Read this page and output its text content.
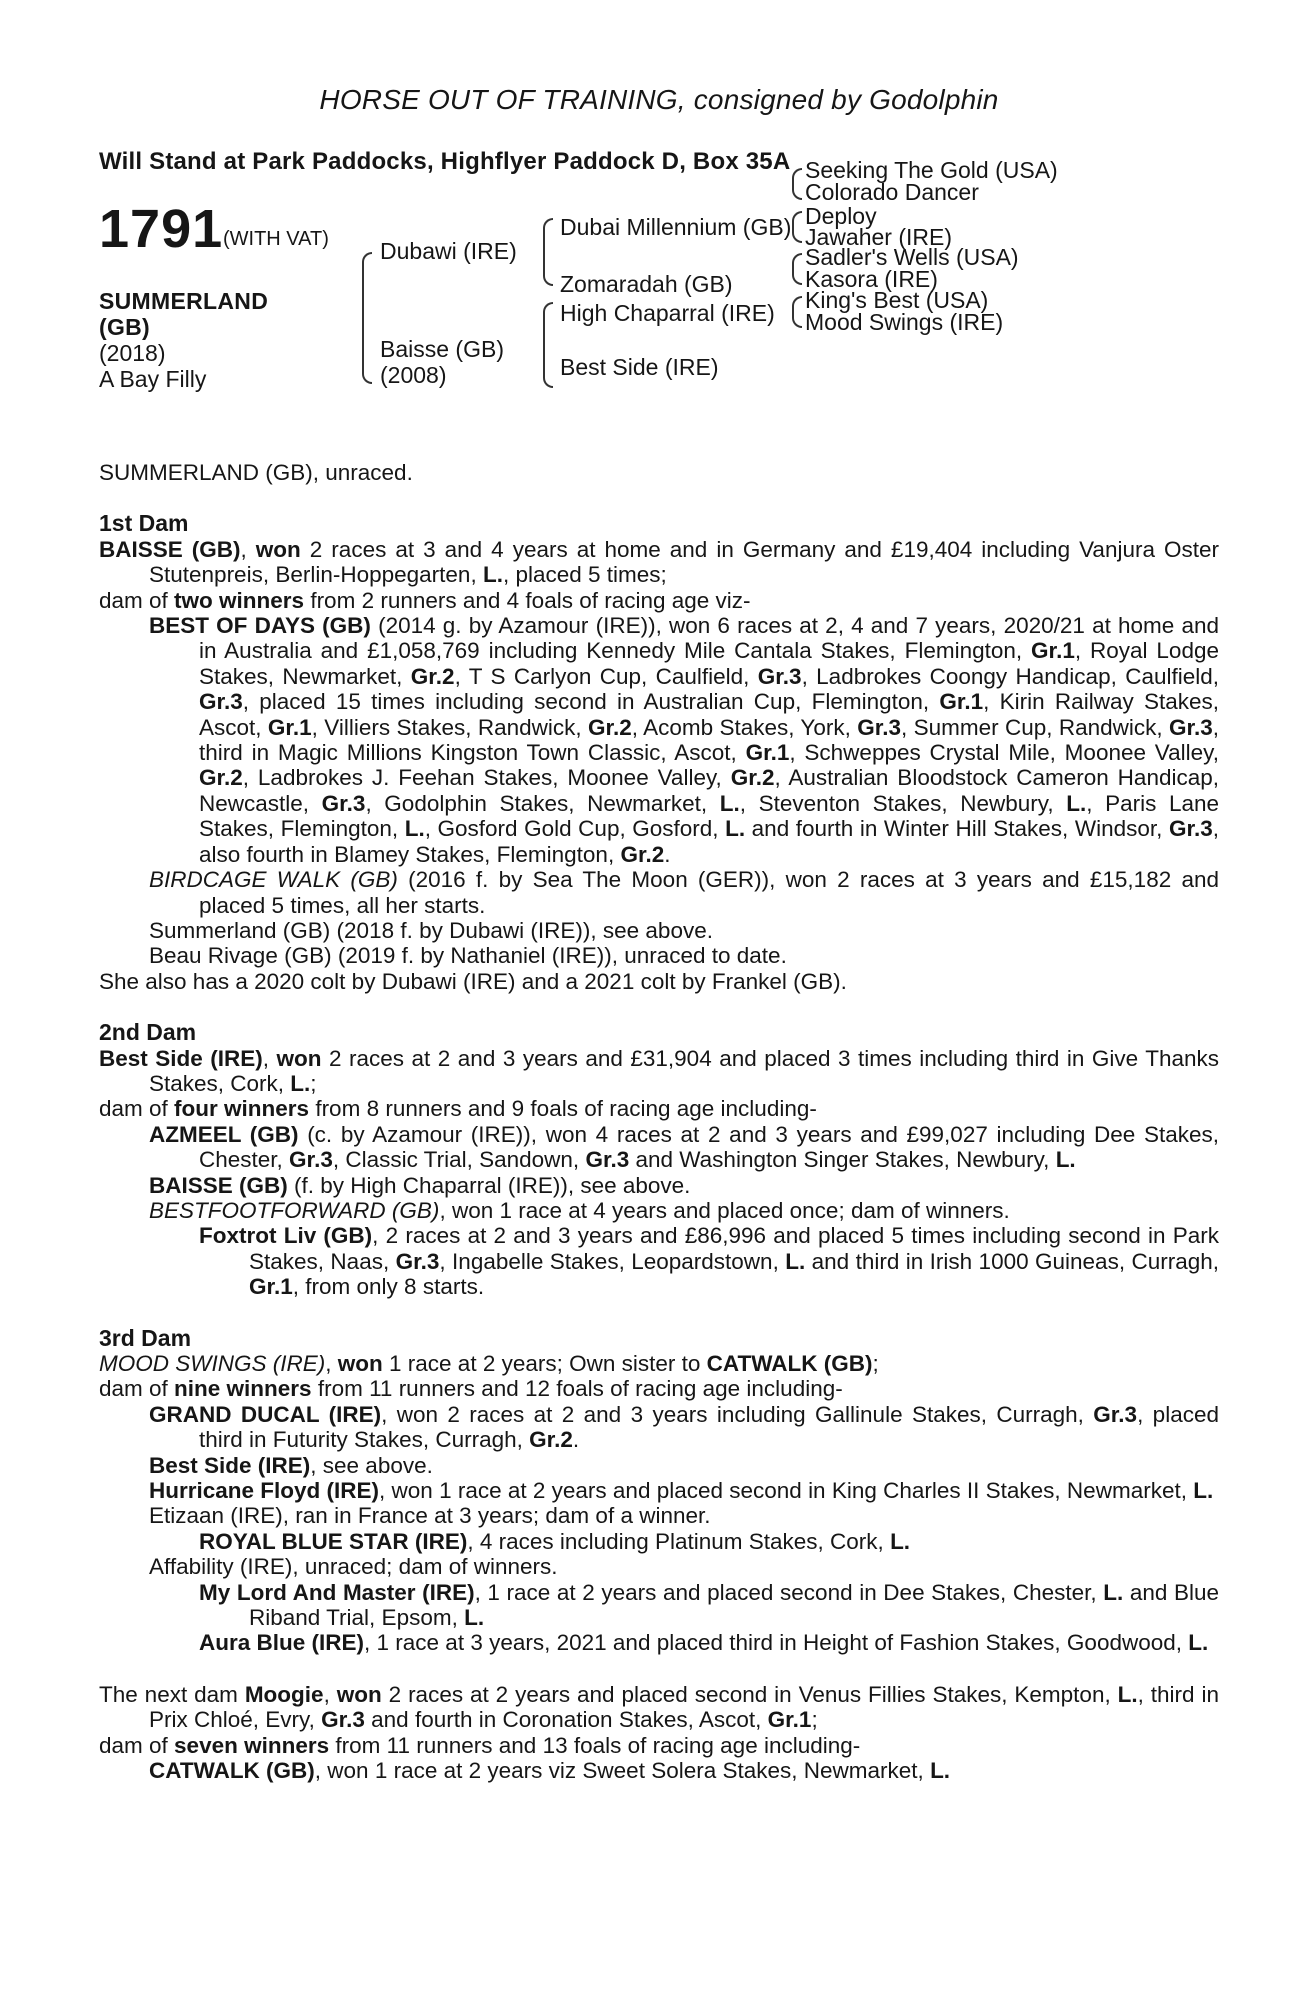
HORSE OUT OF TRAINING, consigned by Godolphin
Will Stand at Park Paddocks, Highflyer Paddock D, Box 35A
1791 (WITH VAT)
SUMMERLAND (GB)
(2018)
A Bay Filly
Dubawi (IRE)
Baisse (GB)
(2008)
Dubai Millennium (GB)
Zomaradah (GB)
High Chaparral (IRE)
Best Side (IRE)
Seeking The Gold (USA)
Colorado Dancer
Deploy
Jawaher (IRE)
Sadler's Wells (USA)
Kasora (IRE)
King's Best (USA)
Mood Swings (IRE)

SUMMERLAND (GB), unraced.

1st Dam

BAISSE (GB), won 2 races at 3 and 4 years at home and in Germany and £19,404 including Vanjura Oster Stutenpreis, Berlin-Hoppegarten, L., placed 5 times;

dam of two winners from 2 runners and 4 foals of racing age viz-

BEST OF DAYS (GB) (2014 g. by Azamour (IRE)), won 6 races at 2, 4 and 7 years, 2020/21 at home and in Australia and £1,058,769 including Kennedy Mile Cantala Stakes, Flemington, Gr.1, Royal Lodge Stakes, Newmarket, Gr.2, T S Carlyon Cup, Caulfield, Gr.3, Ladbrokes Coongy Handicap, Caulfield, Gr.3, placed 15 times including second in Australian Cup, Flemington, Gr.1, Kirin Railway Stakes, Ascot, Gr.1, Villiers Stakes, Randwick, Gr.2, Acomb Stakes, York, Gr.3, Summer Cup, Randwick, Gr.3, third in Magic Millions Kingston Town Classic, Ascot, Gr.1, Schweppes Crystal Mile, Moonee Valley, Gr.2, Ladbrokes J. Feehan Stakes, Moonee Valley, Gr.2, Australian Bloodstock Cameron Handicap, Newcastle, Gr.3, Godolphin Stakes, Newmarket, L., Steventon Stakes, Newbury, L., Paris Lane Stakes, Flemington, L., Gosford Gold Cup, Gosford, L. and fourth in Winter Hill Stakes, Windsor, Gr.3, also fourth in Blamey Stakes, Flemington, Gr.2.

BIRDCAGE WALK (GB) (2016 f. by Sea The Moon (GER)), won 2 races at 3 years and £15,182 and placed 5 times, all her starts.

Summerland (GB) (2018 f. by Dubawi (IRE)), see above.

Beau Rivage (GB) (2019 f. by Nathaniel (IRE)), unraced to date.

She also has a 2020 colt by Dubawi (IRE) and a 2021 colt by Frankel (GB).

2nd Dam

Best Side (IRE), won 2 races at 2 and 3 years and £31,904 and placed 3 times including third in Give Thanks Stakes, Cork, L.;

dam of four winners from 8 runners and 9 foals of racing age including-

AZMEEL (GB) (c. by Azamour (IRE)), won 4 races at 2 and 3 years and £99,027 including Dee Stakes, Chester, Gr.3, Classic Trial, Sandown, Gr.3 and Washington Singer Stakes, Newbury, L.

BAISSE (GB) (f. by High Chaparral (IRE)), see above.

BESTFOOTFORWARD (GB), won 1 race at 4 years and placed once; dam of winners.

Foxtrot Liv (GB), 2 races at 2 and 3 years and £86,996 and placed 5 times including second in Park Stakes, Naas, Gr.3, Ingabelle Stakes, Leopardstown, L. and third in Irish 1000 Guineas, Curragh, Gr.1, from only 8 starts.

3rd Dam

MOOD SWINGS (IRE), won 1 race at 2 years; Own sister to CATWALK (GB);

dam of nine winners from 11 runners and 12 foals of racing age including-

GRAND DUCAL (IRE), won 2 races at 2 and 3 years including Gallinule Stakes, Curragh, Gr.3, placed third in Futurity Stakes, Curragh, Gr.2.

Best Side (IRE), see above.

Hurricane Floyd (IRE), won 1 race at 2 years and placed second in King Charles II Stakes, Newmarket, L.

Etizaan (IRE), ran in France at 3 years; dam of a winner.

ROYAL BLUE STAR (IRE), 4 races including Platinum Stakes, Cork, L.

Affability (IRE), unraced; dam of winners.

My Lord And Master (IRE), 1 race at 2 years and placed second in Dee Stakes, Chester, L. and Blue Riband Trial, Epsom, L.

Aura Blue (IRE), 1 race at 3 years, 2021 and placed third in Height of Fashion Stakes, Goodwood, L.

The next dam Moogie, won 2 races at 2 years and placed second in Venus Fillies Stakes, Kempton, L., third in Prix Chloé, Evry, Gr.3 and fourth in Coronation Stakes, Ascot, Gr.1;

dam of seven winners from 11 runners and 13 foals of racing age including-

CATWALK (GB), won 1 race at 2 years viz Sweet Solera Stakes, Newmarket, L.
